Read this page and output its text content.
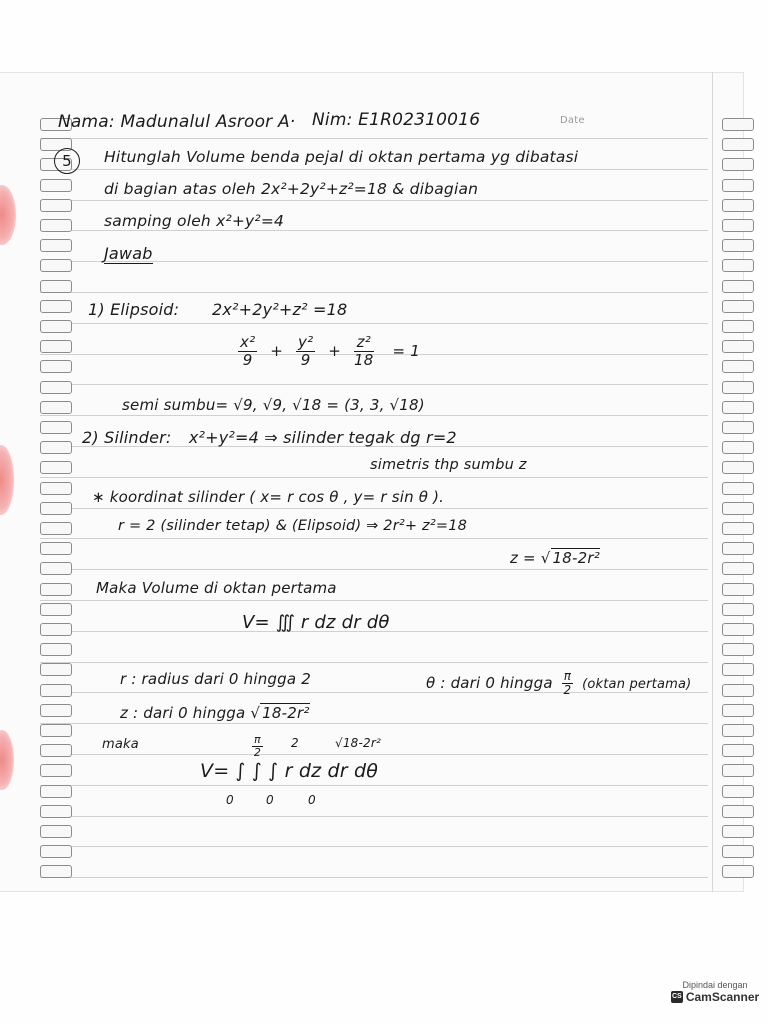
Nama: Madunalul Asroor A· Nim: E1R02310016	Date
5	Hitunglah Volume benda pejal di oktan pertama yg dibatasi
di bagian atas oleh 2x²+2y²+z²=18 & dibagian
samping oleh x²+y²=4
Jawab
1) Elipsoid: 2x²+2y²+z² =18
$\frac{\text{x²}}{9} + \frac{\text{y²}}{9} + \frac{\text{z²}}{18} = 1$
semi sumbu= √9, √9, √18 = (3, 3, √18)
2) Silinder: x²+y²=4 ⇒ silinder tegak dg r=2
simetris thp sumbu z
∗ koordinat silinder ( x= r cos θ , y= r sin θ ).
r = 2 (silinder tetap) & (Elipsoid) ⇒ 2r²+ z²=18
z = √ 18-2r²
Maka Volume di oktan pertama
V= ∭ r dz dr dθ
r : radius dari 0 hingga 2	θ : dari 0 hingga $\frac{\pi}{2} (oktan$ pertama)
z : dari 0 hingga √ 18-2r²
maka	$\frac{\pi}{2} 2$	√18-2r²
V= ∫ ∫ ∫ r dz dr dθ
0	0	0
Dipindai dengan
CS CamScanner
